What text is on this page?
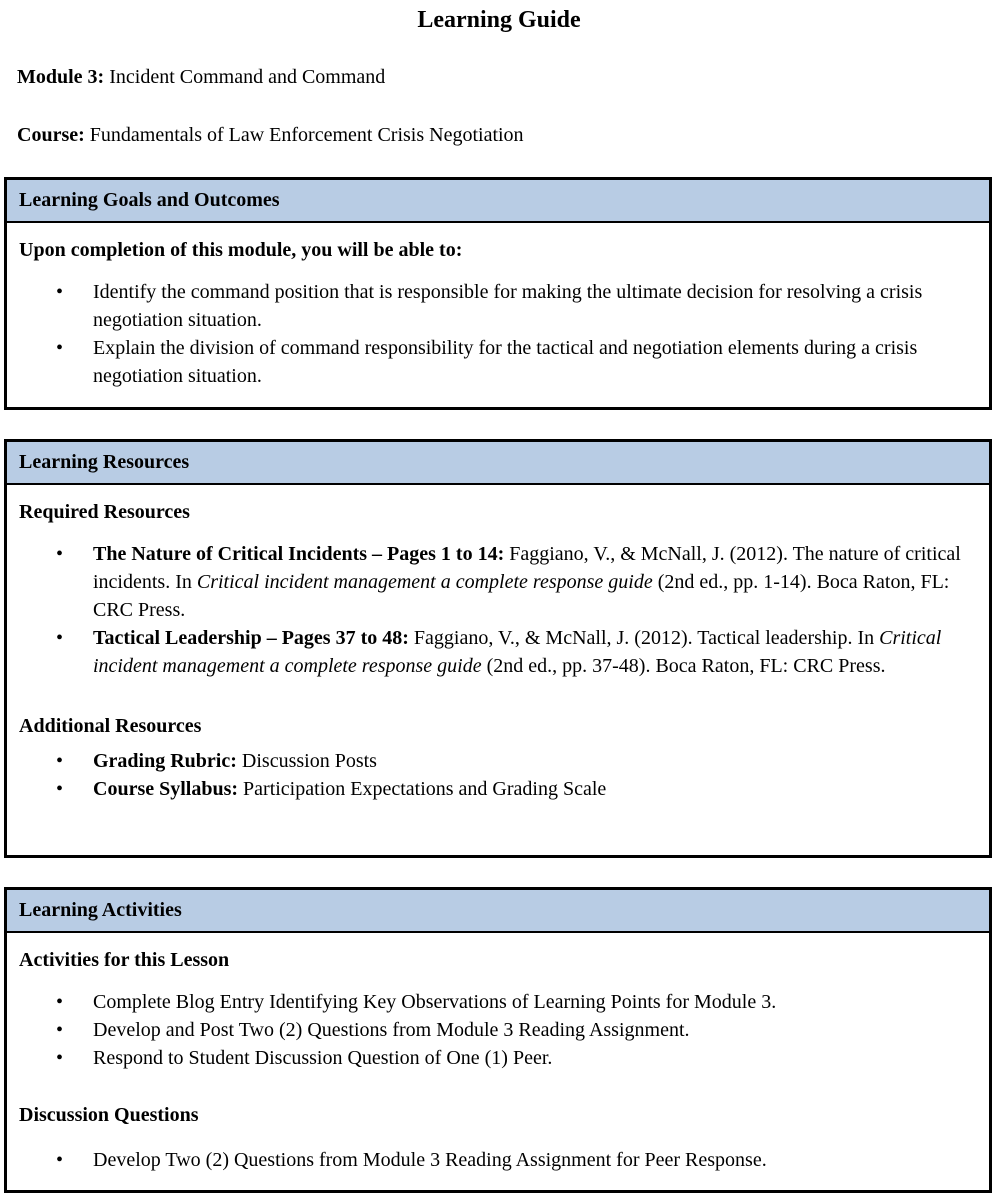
Learning Guide
Module 3: Incident Command and Command
Course: Fundamentals of Law Enforcement Crisis Negotiation
Learning Goals and Outcomes
Upon completion of this module, you will be able to:
• Identify the command position that is responsible for making the ultimate decision for resolving a crisis negotiation situation.
• Explain the division of command responsibility for the tactical and negotiation elements during a crisis negotiation situation.
Learning Resources
Required Resources
• The Nature of Critical Incidents – Pages 1 to 14: Faggiano, V., & McNall, J. (2012). The nature of critical incidents. In Critical incident management a complete response guide (2nd ed., pp. 1-14). Boca Raton, FL: CRC Press.
• Tactical Leadership – Pages 37 to 48: Faggiano, V., & McNall, J. (2012). Tactical leadership. In Critical incident management a complete response guide (2nd ed., pp. 37-48). Boca Raton, FL: CRC Press.
Additional Resources
• Grading Rubric: Discussion Posts
• Course Syllabus: Participation Expectations and Grading Scale
Learning Activities
Activities for this Lesson
• Complete Blog Entry Identifying Key Observations of Learning Points for Module 3.
• Develop and Post Two (2) Questions from Module 3 Reading Assignment.
• Respond to Student Discussion Question of One (1) Peer.
Discussion Questions
• Develop Two (2) Questions from Module 3 Reading Assignment for Peer Response.
